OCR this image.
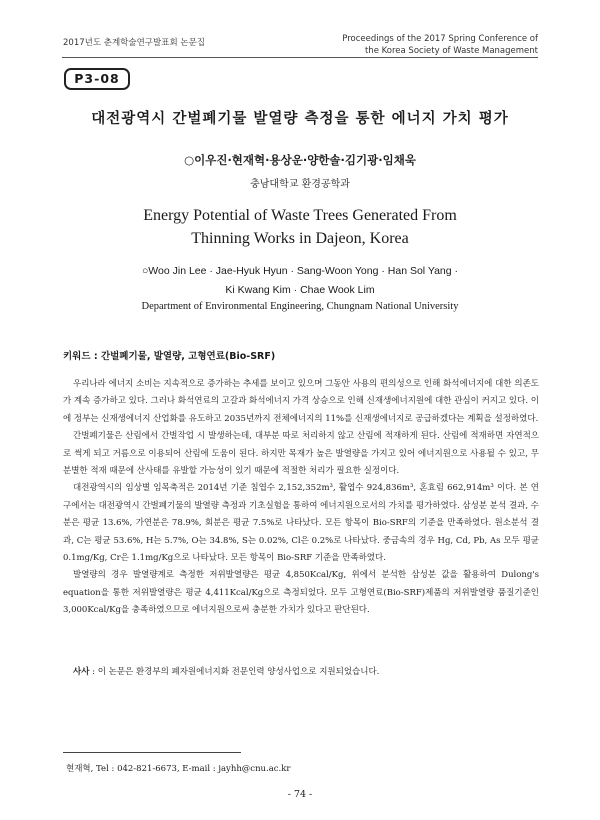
2017년도 춘계학술연구발표회 논문집	Proceedings of the 2017 Spring Conference of
the Korea Society of Waste Management
P3-08
대전광역시 간벌폐기물 발열량 측정을 통한 에너지 가치 평가
○이우진·현재혁·용상운·양한솔·김기광·임채욱
충남대학교 환경공학과
Energy Potential of Waste Trees Generated From
Thinning Works in Dajeon, Korea
○Woo Jin Lee · Jae-Hyuk Hyun · Sang-Woon Yong · Han Sol Yang ·
Ki Kwang Kim · Chae Wook Lim
Department of Environmental Engineering, Chungnam National University
키워드 : 간벌폐기물, 발열량, 고형연료(Bio-SRF)

우리나라 에너지 소비는 지속적으로 증가하는 추세를 보이고 있으며 그동안 사용의 편의성으로 인해 화석에너지에 대한 의존도가 계속 증가하고 있다. 그러나 화석연료의 고갈과 화석에너지 가격 상승으로 인해 신재생에너지원에 대한 관심이 커지고 있다. 이에 정부는 신재생에너지 산업화를 유도하고 2035년까지 전체에너지의 11%를 신재생에너지로 공급하겠다는 계획을 설정하였다.

간벌폐기물은 산림에서 간벌작업 시 발생하는데, 대부분 따로 처리하지 않고 산림에 적재하게 된다. 산림에 적재하면 자연적으로 썩게 되고 거름으로 이용되어 산림에 도움이 된다. 하지만 목재가 높은 발열량을 가지고 있어 에너지원으로 사용될 수 있고, 무분별한 적재 때문에 산사태를 유발할 가능성이 있기 때문에 적절한 처리가 필요한 실정이다.

대전광역시의 임상별 임목축적은 2014년 기준 침엽수 2,152,352m³, 활엽수 924,836m³, 혼효림 662,914m³ 이다. 본 연구에서는 대전광역시 간벌폐기물의 발열량 측정과 기초실험을 통하여 에너지원으로서의 가치를 평가하였다. 삼성분 분석 결과, 수분은 평균 13.6%, 가연분은 78.9%, 회분은 평균 7.5%로 나타났다. 모든 항목이 Bio-SRF의 기준을 만족하였다. 원소분석 결과, C는 평균 53.6%, H는 5.7%, O는 34.8%, S는 0.02%, Cl은 0.2%로 나타났다. 중금속의 경우 Hg, Cd, Pb, As 모두 평균 0.1mg/Kg, Cr은 1.1mg/Kg으로 나타났다. 모든 항목이 Bio-SRF 기준을 만족하였다.

발열량의 경우 발열량계로 측정한 저위발열량은 평균 4,850Kcal/Kg, 위에서 분석한 삼성분 값을 활용하여 Dulong's equation을 통한 저위발열량은 평균 4,411Kcal/Kg으로 측정되었다. 모두 고형연료(Bio-SRF)제품의 저위발열량 품질기준인 3,000Kcal/Kg을 충족하였으므로 에너지원으로써 충분한 가치가 있다고 판단된다.

사사 : 이 논문은 환경부의 폐자원에너지화 전문인력 양성사업으로 지원되었습니다.
현재혁, Tel : 042-821-6673, E-mail : jayhh@cnu.ac.kr
- 74 -
